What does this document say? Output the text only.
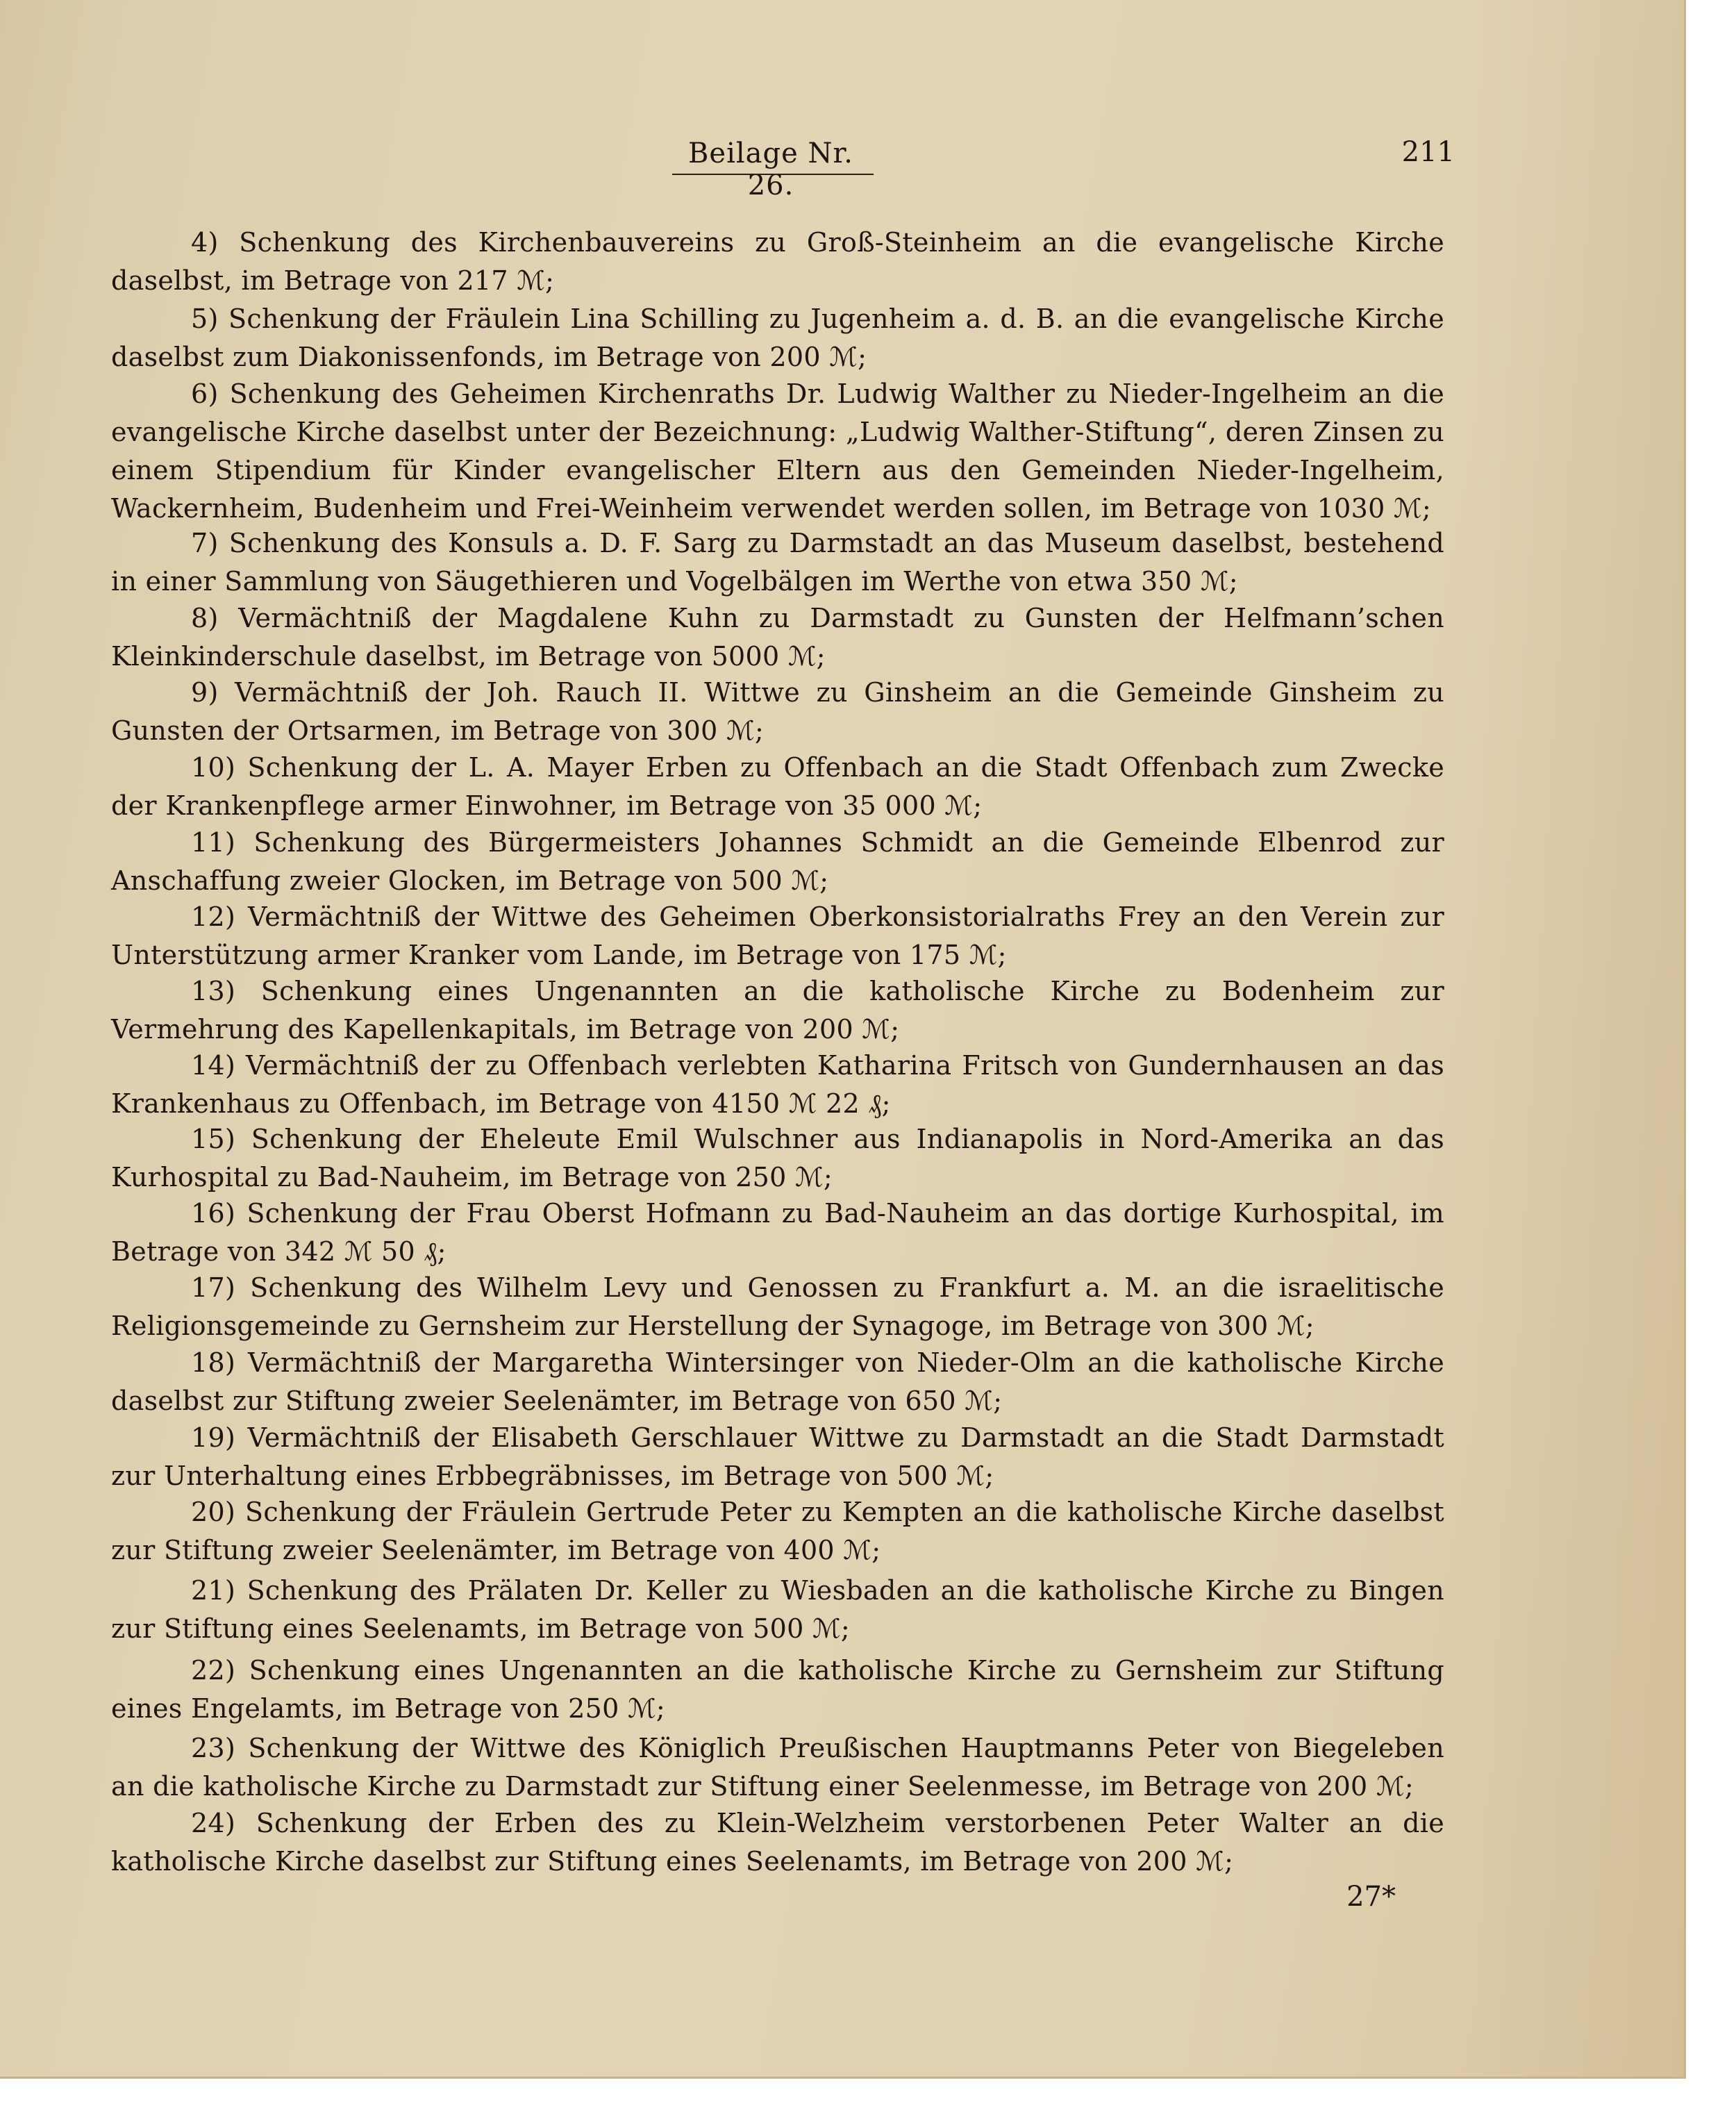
Beilage Nr. 26.
211
4) Schenkung des Kirchenbauvereins zu Groß-Steinheim an die evangelische Kirche daselbst, im Betrage von 217 ℳ;
5) Schenkung der Fräulein Lina Schilling zu Jugenheim a. d. B. an die evangelische Kirche daselbst zum Diakonissenfonds, im Betrage von 200 ℳ;
6) Schenkung des Geheimen Kirchenraths Dr. Ludwig Walther zu Nieder-Ingelheim an die evangelische Kirche daselbst unter der Bezeichnung: „Ludwig Walther-Stiftung“, deren Zinsen zu einem Stipendium für Kinder evangelischer Eltern aus den Gemeinden Nieder-Ingelheim, Wackernheim, Budenheim und Frei-Weinheim verwendet werden sollen, im Betrage von 1030 ℳ;
7) Schenkung des Konsuls a. D. F. Sarg zu Darmstadt an das Museum daselbst, bestehend in einer Sammlung von Säugethieren und Vogelbälgen im Werthe von etwa 350 ℳ;
8) Vermächtniß der Magdalene Kuhn zu Darmstadt zu Gunsten der Helfmann’schen Kleinkinderschule daselbst, im Betrage von 5000 ℳ;
9) Vermächtniß der Joh. Rauch II. Wittwe zu Ginsheim an die Gemeinde Ginsheim zu Gunsten der Ortsarmen, im Betrage von 300 ℳ;
10) Schenkung der L. A. Mayer Erben zu Offenbach an die Stadt Offenbach zum Zwecke der Krankenpflege armer Einwohner, im Betrage von 35 000 ℳ;
11) Schenkung des Bürgermeisters Johannes Schmidt an die Gemeinde Elbenrod zur Anschaffung zweier Glocken, im Betrage von 500 ℳ;
12) Vermächtniß der Wittwe des Geheimen Oberkonsistorialraths Frey an den Verein zur Unterstützung armer Kranker vom Lande, im Betrage von 175 ℳ;
13) Schenkung eines Ungenannten an die katholische Kirche zu Bodenheim zur Vermehrung des Kapellenkapitals, im Betrage von 200 ℳ;
14) Vermächtniß der zu Offenbach verlebten Katharina Fritsch von Gundernhausen an das Krankenhaus zu Offenbach, im Betrage von 4150 ℳ 22 ₰;
15) Schenkung der Eheleute Emil Wulschner aus Indianapolis in Nord-Amerika an das Kurhospital zu Bad-Nauheim, im Betrage von 250 ℳ;
16) Schenkung der Frau Oberst Hofmann zu Bad-Nauheim an das dortige Kurhospital, im Betrage von 342 ℳ 50 ₰;
17) Schenkung des Wilhelm Levy und Genossen zu Frankfurt a. M. an die israelitische Religionsgemeinde zu Gernsheim zur Herstellung der Synagoge, im Betrage von 300 ℳ;
18) Vermächtniß der Margaretha Wintersinger von Nieder-Olm an die katholische Kirche daselbst zur Stiftung zweier Seelenämter, im Betrage von 650 ℳ;
19) Vermächtniß der Elisabeth Gerschlauer Wittwe zu Darmstadt an die Stadt Darmstadt zur Unterhaltung eines Erbbegräbnisses, im Betrage von 500 ℳ;
20) Schenkung der Fräulein Gertrude Peter zu Kempten an die katholische Kirche daselbst zur Stiftung zweier Seelenämter, im Betrage von 400 ℳ;
21) Schenkung des Prälaten Dr. Keller zu Wiesbaden an die katholische Kirche zu Bingen zur Stiftung eines Seelenamts, im Betrage von 500 ℳ;
22) Schenkung eines Ungenannten an die katholische Kirche zu Gernsheim zur Stiftung eines Engelamts, im Betrage von 250 ℳ;
23) Schenkung der Wittwe des Königlich Preußischen Hauptmanns Peter von Biegeleben an die katholische Kirche zu Darmstadt zur Stiftung einer Seelenmesse, im Betrage von 200 ℳ;
24) Schenkung der Erben des zu Klein-Welzheim verstorbenen Peter Walter an die katholische Kirche daselbst zur Stiftung eines Seelenamts, im Betrage von 200 ℳ;
27*
